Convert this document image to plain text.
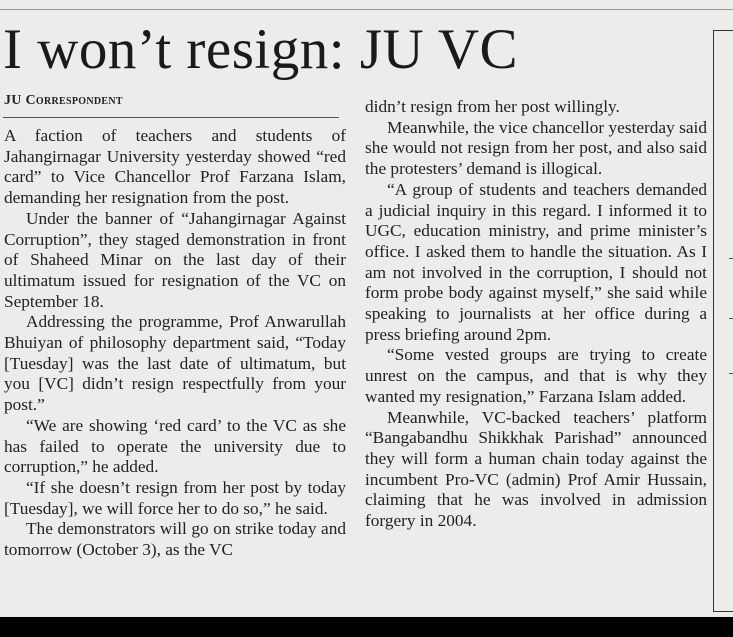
I won’t resign: JU VC
JU Correspondent

A faction of teachers and students of Jahangirnagar University yesterday showed “red card” to Vice Chancellor Prof Farzana Islam, demanding her resignation from the post.

Under the banner of “Jahangirnagar Against Corruption”, they staged demonstration in front of Shaheed Minar on the last day of their ultimatum issued for resignation of the VC on September 18.

Addressing the programme, Prof Anwarullah Bhuiyan of philosophy department said, “Today [Tuesday] was the last date of ultimatum, but you [VC] didn’t resign respectfully from your post.”

“We are showing ‘red card’ to the VC as she has failed to operate the university due to corruption,” he added.

“If she doesn’t resign from her post by today [Tuesday], we will force her to do so,” he said.

The demonstrators will go on strike today and tomorrow (October 3), as the VC

didn’t resign from her post willingly.

Meanwhile, the vice chancellor yesterday said she would not resign from her post, and also said the protesters’ demand is illogical.

“A group of students and teachers demanded a judicial inquiry in this regard. I informed it to UGC, education ministry, and prime minister’s office. I asked them to handle the situation. As I am not involved in the corruption, I should not form probe body against myself,” she said while speaking to journalists at her office during a press briefing around 2pm.

“Some vested groups are trying to create unrest on the campus, and that is why they wanted my resignation,” Farzana Islam added.

Meanwhile, VC-backed teachers’ platform “Bangabandhu Shikkhak Parishad” announced they will form a human chain today against the incumbent Pro-VC (admin) Prof Amir Hussain, claiming that he was involved in admission forgery in 2004.
